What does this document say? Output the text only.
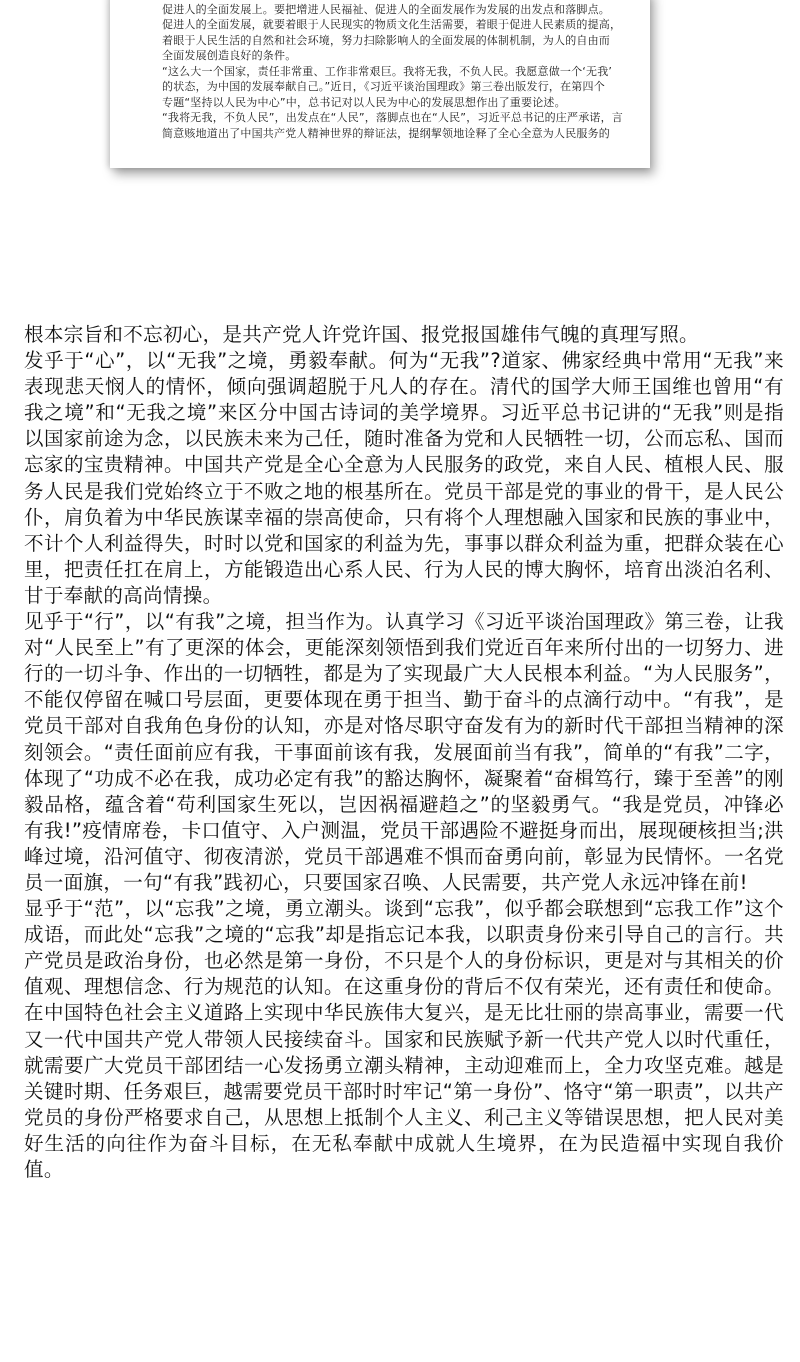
促进人的全面发展上。要把增进人民福祉、促进人的全面发展作为发展的出发点和落脚点。

促进人的全面发展，就要着眼于人民现实的物质文化生活需要，着眼于促进人民素质的提高，

着眼于人民生活的自然和社会环境，努力扫除影响人的全面发展的体制机制，为人的自由而

全面发展创造良好的条件。

“这么大一个国家，责任非常重、工作非常艰巨。我将无我，不负人民。我愿意做一个‘无我’

的状态，为中国的发展奉献自己。”近日，《习近平谈治国理政》第三卷出版发行，在第四个

专题“坚持以人民为中心”中，总书记对以人民为中心的发展思想作出了重要论述。

“我将无我，不负人民”，出发点在“人民”，落脚点也在“人民”，习近平总书记的庄严承诺，言

简意赅地道出了中国共产党人精神世界的辩证法，提纲挈领地诠释了全心全意为人民服务的

根本宗旨和不忘初心，是共产党人许党许国、报党报国雄伟气魄的真理写照。

发乎于“心”，以“无我”之境，勇毅奉献。何为“无我”?道家、佛家经典中常用“无我”来表现悲天悯人的情怀，倾向强调超脱于凡人的存在。清代的国学大师王国维也曾用“有我之境”和“无我之境”来区分中国古诗词的美学境界。习近平总书记讲的“无我”则是指以国家前途为念，以民族未来为己任，随时准备为党和人民牺牲一切，公而忘私、国而忘家的宝贵精神。中国共产党是全心全意为人民服务的政党，来自人民、植根人民、服务人民是我们党始终立于不败之地的根基所在。党员干部是党的事业的骨干，是人民公仆，肩负着为中华民族谋幸福的崇高使命，只有将个人理想融入国家和民族的事业中，不计个人利益得失，时时以党和国家的利益为先，事事以群众利益为重，把群众装在心里，把责任扛在肩上，方能锻造出心系人民、行为人民的博大胸怀，培育出淡泊名利、甘于奉献的高尚情操。

见乎于“行”，以“有我”之境，担当作为。认真学习《习近平谈治国理政》第三卷，让我对“人民至上”有了更深的体会，更能深刻领悟到我们党近百年来所付出的一切努力、进行的一切斗争、作出的一切牺牲，都是为了实现最广大人民根本利益。“为人民服务”，不能仅停留在喊口号层面，更要体现在勇于担当、勤于奋斗的点滴行动中。“有我”，是党员干部对自我角色身份的认知，亦是对恪尽职守奋发有为的新时代干部担当精神的深刻领会。“责任面前应有我，干事面前该有我，发展面前当有我”，简单的“有我”二字，体现了“功成不必在我，成功必定有我”的豁达胸怀，凝聚着“奋楫笃行，臻于至善”的刚毅品格，蕴含着“苟利国家生死以，岂因祸福避趋之”的坚毅勇气。“我是党员，冲锋必有我!”疫情席卷，卡口值守、入户测温，党员干部遇险不避挺身而出，展现硬核担当;洪峰过境，沿河值守、彻夜清淤，党员干部遇难不惧而奋勇向前，彰显为民情怀。一名党员一面旗，一句“有我”践初心，只要国家召唤、人民需要，共产党人永远冲锋在前!

显乎于“范”，以“忘我”之境，勇立潮头。谈到“忘我”，似乎都会联想到“忘我工作”这个成语，而此处“忘我”之境的“忘我”却是指忘记本我，以职责身份来引导自己的言行。共产党员是政治身份，也必然是第一身份，不只是个人的身份标识，更是对与其相关的价值观、理想信念、行为规范的认知。在这重身份的背后不仅有荣光，还有责任和使命。在中国特色社会主义道路上实现中华民族伟大复兴，是无比壮丽的崇高事业，需要一代又一代中国共产党人带领人民接续奋斗。国家和民族赋予新一代共产党人以时代重任，就需要广大党员干部团结一心发扬勇立潮头精神，主动迎难而上，全力攻坚克难。越是关键时期、任务艰巨，越需要党员干部时时牢记“第一身份”、恪守“第一职责”，以共产党员的身份严格要求自己，从思想上抵制个人主义、利己主义等错误思想，把人民对美好生活的向往作为奋斗目标，在无私奉献中成就人生境界，在为民造福中实现自我价值。
